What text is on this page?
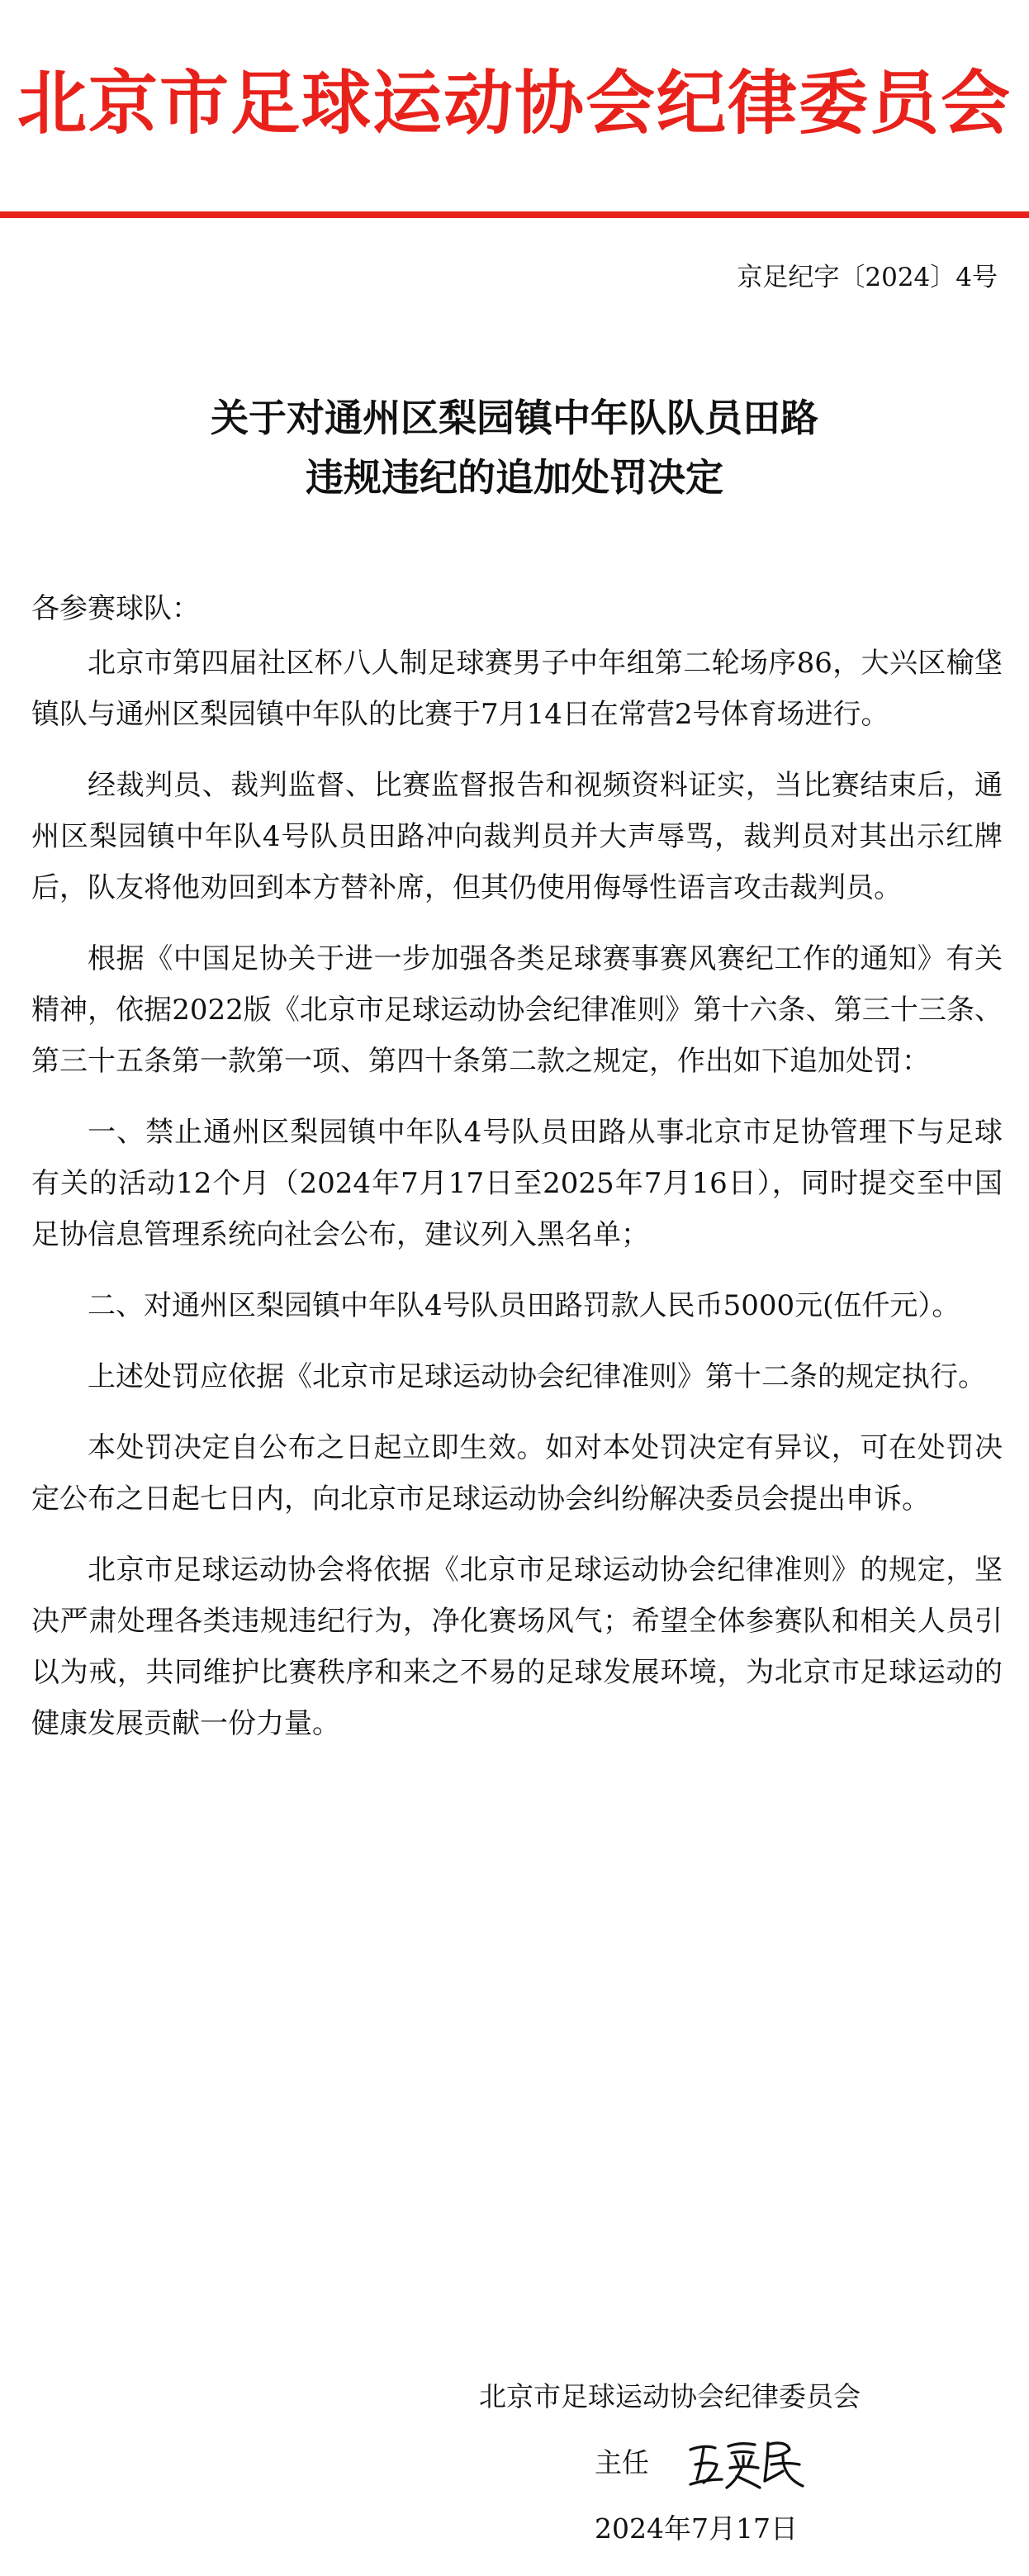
北京市足球运动协会纪律委员会
京足纪字〔2024〕4号
关于对通州区梨园镇中年队队员田路
违规违纪的追加处罚决定
各参赛球队：

北京市第四届社区杯八人制足球赛男子中年组第二轮场序86，大兴区榆垡镇队与通州区梨园镇中年队的比赛于7月14日在常营2号体育场进行。

经裁判员、裁判监督、比赛监督报告和视频资料证实，当比赛结束后，通州区梨园镇中年队4号队员田路冲向裁判员并大声辱骂，裁判员对其出示红牌后，队友将他劝回到本方替补席，但其仍使用侮辱性语言攻击裁判员。

根据《中国足协关于进一步加强各类足球赛事赛风赛纪工作的通知》有关精神，依据2022版《北京市足球运动协会纪律准则》第十六条、第三十三条、第三十五条第一款第一项、第四十条第二款之规定，作出如下追加处罚：

一、禁止通州区梨园镇中年队4号队员田路从事北京市足协管理下与足球有关的活动12个月（2024年7月17日至2025年7月16日），同时提交至中国足协信息管理系统向社会公布，建议列入黑名单；

二、对通州区梨园镇中年队4号队员田路罚款人民币5000元(伍仟元）。

上述处罚应依据《北京市足球运动协会纪律准则》第十二条的规定执行。

本处罚决定自公布之日起立即生效。如对本处罚决定有异议，可在处罚决定公布之日起七日内，向北京市足球运动协会纠纷解决委员会提出申诉。

北京市足球运动协会将依据《北京市足球运动协会纪律准则》的规定，坚决严肃处理各类违规违纪行为，净化赛场风气；希望全体参赛队和相关人员引以为戒，共同维护比赛秩序和来之不易的足球发展环境，为北京市足球运动的健康发展贡献一份力量。

北京市足球运动协会纪律委员会
主任
2024年7月17日
